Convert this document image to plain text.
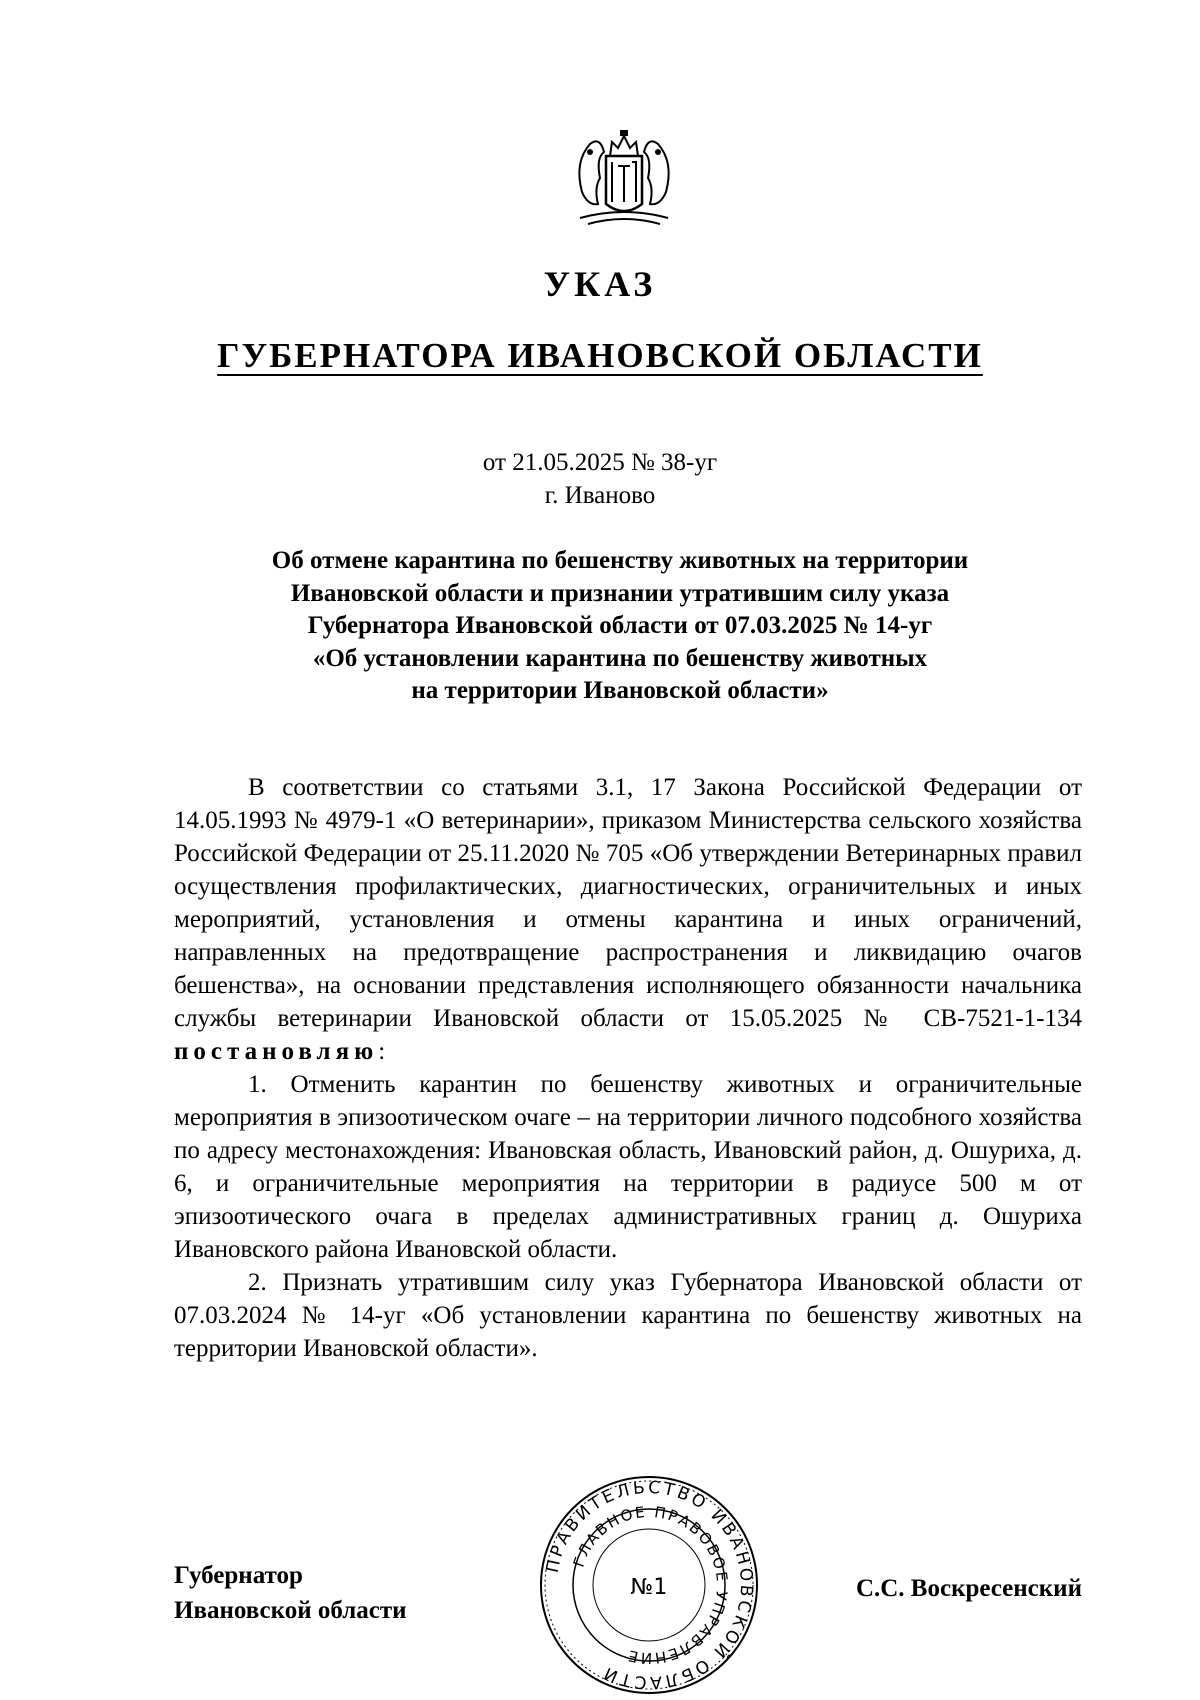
УКАЗ
ГУБЕРНАТОРА ИВАНОВСКОЙ ОБЛАСТИ
от 21.05.2025 № 38-уг
г. Иваново
Об отмене карантина по бешенству животных на территории
Ивановской области и признании утратившим силу указа
Губернатора Ивановской области от 07.03.2025 № 14-уг
«Об установлении карантина по бешенству животных
на территории Ивановской области»

В соответствии со статьями 3.1, 17 Закона Российской Федерации от 14.05.1993 № 4979-1 «О ветеринарии», приказом Министерства сельского хозяйства Российской Федерации от 25.11.2020 № 705 «Об утверждении Ветеринарных правил осуществления профилактических, диагностических, ограничительных и иных мероприятий, установления и отмены карантина и иных ограничений, направленных на предотвращение распространения и ликвидацию очагов бешенства», на основании представления исполняющего обязанности начальника службы ветеринарии Ивановской области от 15.05.2025 № СВ-7521-1-134 постановляю:

1. Отменить карантин по бешенству животных и ограничительные мероприятия в эпизоотическом очаге – на территории личного подсобного хозяйства по адресу местонахождения: Ивановская область, Ивановский район, д. Ошуриха, д. 6, и ограничительные мероприятия на территории в радиусе 500 м от эпизоотического очага в пределах административных границ д. Ошуриха Ивановского района Ивановской области.

2. Признать утратившим силу указ Губернатора Ивановской области от 07.03.2024 № 14-уг «Об установлении карантина по бешенству животных на территории Ивановской области».

Губернатор
Ивановской области
ПРАВИТЕЛЬСТВО ИВАНОВСКОЙ ОБЛАСТИ
ГЛАВНОЕ ПРАВОВОЕ УПРАВЛЕНИЕ
№1	С.С. Воскресенский
